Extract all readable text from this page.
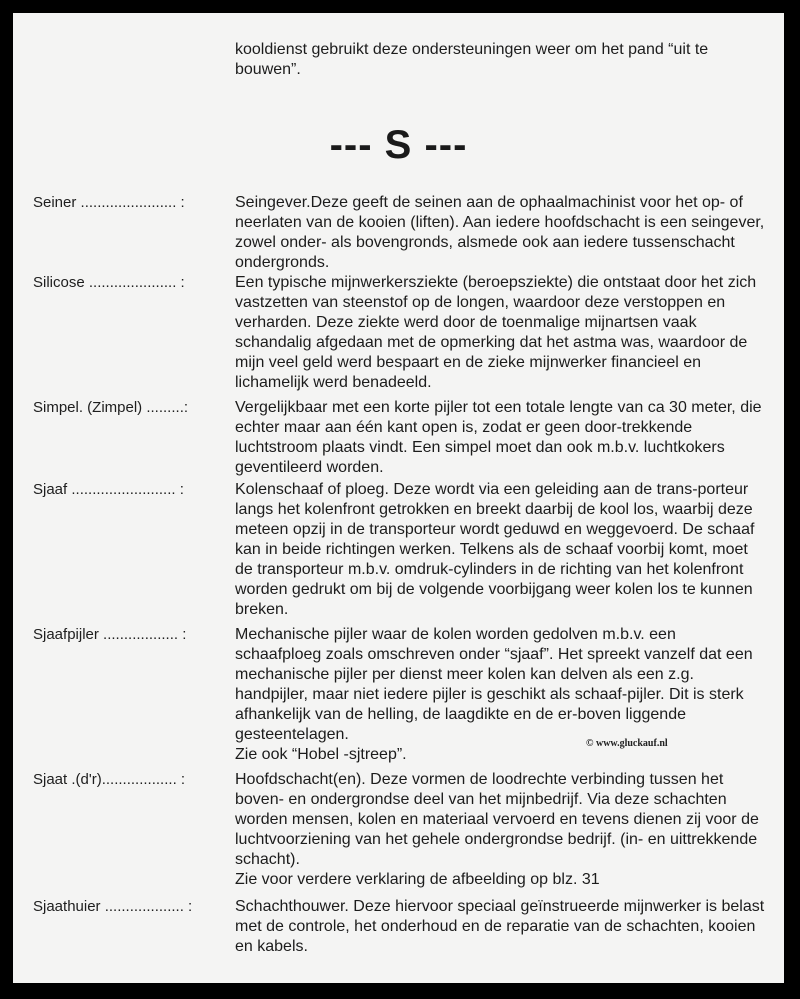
kooldienst gebruikt deze ondersteuningen weer om het pand “uit te bouwen”.
--- S ---
Seiner ....................... :	Seingever.Deze geeft de seinen aan de ophaalmachinist voor het op- of neerlaten van de kooien (liften). Aan iedere hoofdschacht is een seingever, zowel onder- als bovengronds, alsmede ook aan iedere tussenschacht ondergronds.

Silicose ..................... :	Een typische mijnwerkersziekte (beroepsziekte) die ontstaat door het zich vastzetten van steenstof op de longen, waardoor deze verstoppen en verharden. Deze ziekte werd door de toenmalige mijnartsen vaak schandalig afgedaan met de opmerking dat het astma was, waardoor de mijn veel geld werd bespaart en de zieke mijnwerker financieel en lichamelijk werd benadeeld.

Simpel. (Zimpel) .........:	Vergelijkbaar met een korte pijler tot een totale lengte van ca 30 meter, die echter maar aan één kant open is, zodat er geen door-trekkende luchtstroom plaats vindt. Een simpel moet dan ook m.b.v. luchtkokers geventileerd worden.

Sjaaf ......................... :	Kolenschaaf of ploeg. Deze wordt via een geleiding aan de trans-porteur langs het kolenfront getrokken en breekt daarbij de kool los, waarbij deze meteen opzij in de transporteur wordt geduwd en weggevoerd. De schaaf kan in beide richtingen werken. Telkens als de schaaf voorbij komt, moet de transporteur m.b.v. omdruk-cylinders in de richting van het kolenfront worden gedrukt om bij de volgende voorbijgang weer kolen los te kunnen breken.

Sjaafpijler .................. :	Mechanische pijler waar de kolen worden gedolven m.b.v. een schaafploeg zoals omschreven onder “sjaaf”. Het spreekt vanzelf dat een mechanische pijler per dienst meer kolen kan delven als een z.g. handpijler, maar niet iedere pijler is geschikt als schaaf-pijler. Dit is sterk afhankelijk van de helling, de laagdikte en de er-boven liggende gesteentelagen.

Zie ook “Hobel -sjtreep”.

© www.gluckauf.nl
Sjaat .(d'r).................. :	Hoofdschacht(en). Deze vormen de loodrechte verbinding tussen het boven- en ondergrondse deel van het mijnbedrijf. Via deze schachten worden mensen, kolen en materiaal vervoerd en tevens dienen zij voor de luchtvoorziening van het gehele ondergrondse bedrijf. (in- en uittrekkende schacht).

Zie voor verdere verklaring de afbeelding op blz. 31

Sjaathuier ................... :	Schachthouwer. Deze hiervoor speciaal geïnstrueerde mijnwerker is belast met de controle, het onderhoud en de reparatie van de schachten, kooien en kabels.
